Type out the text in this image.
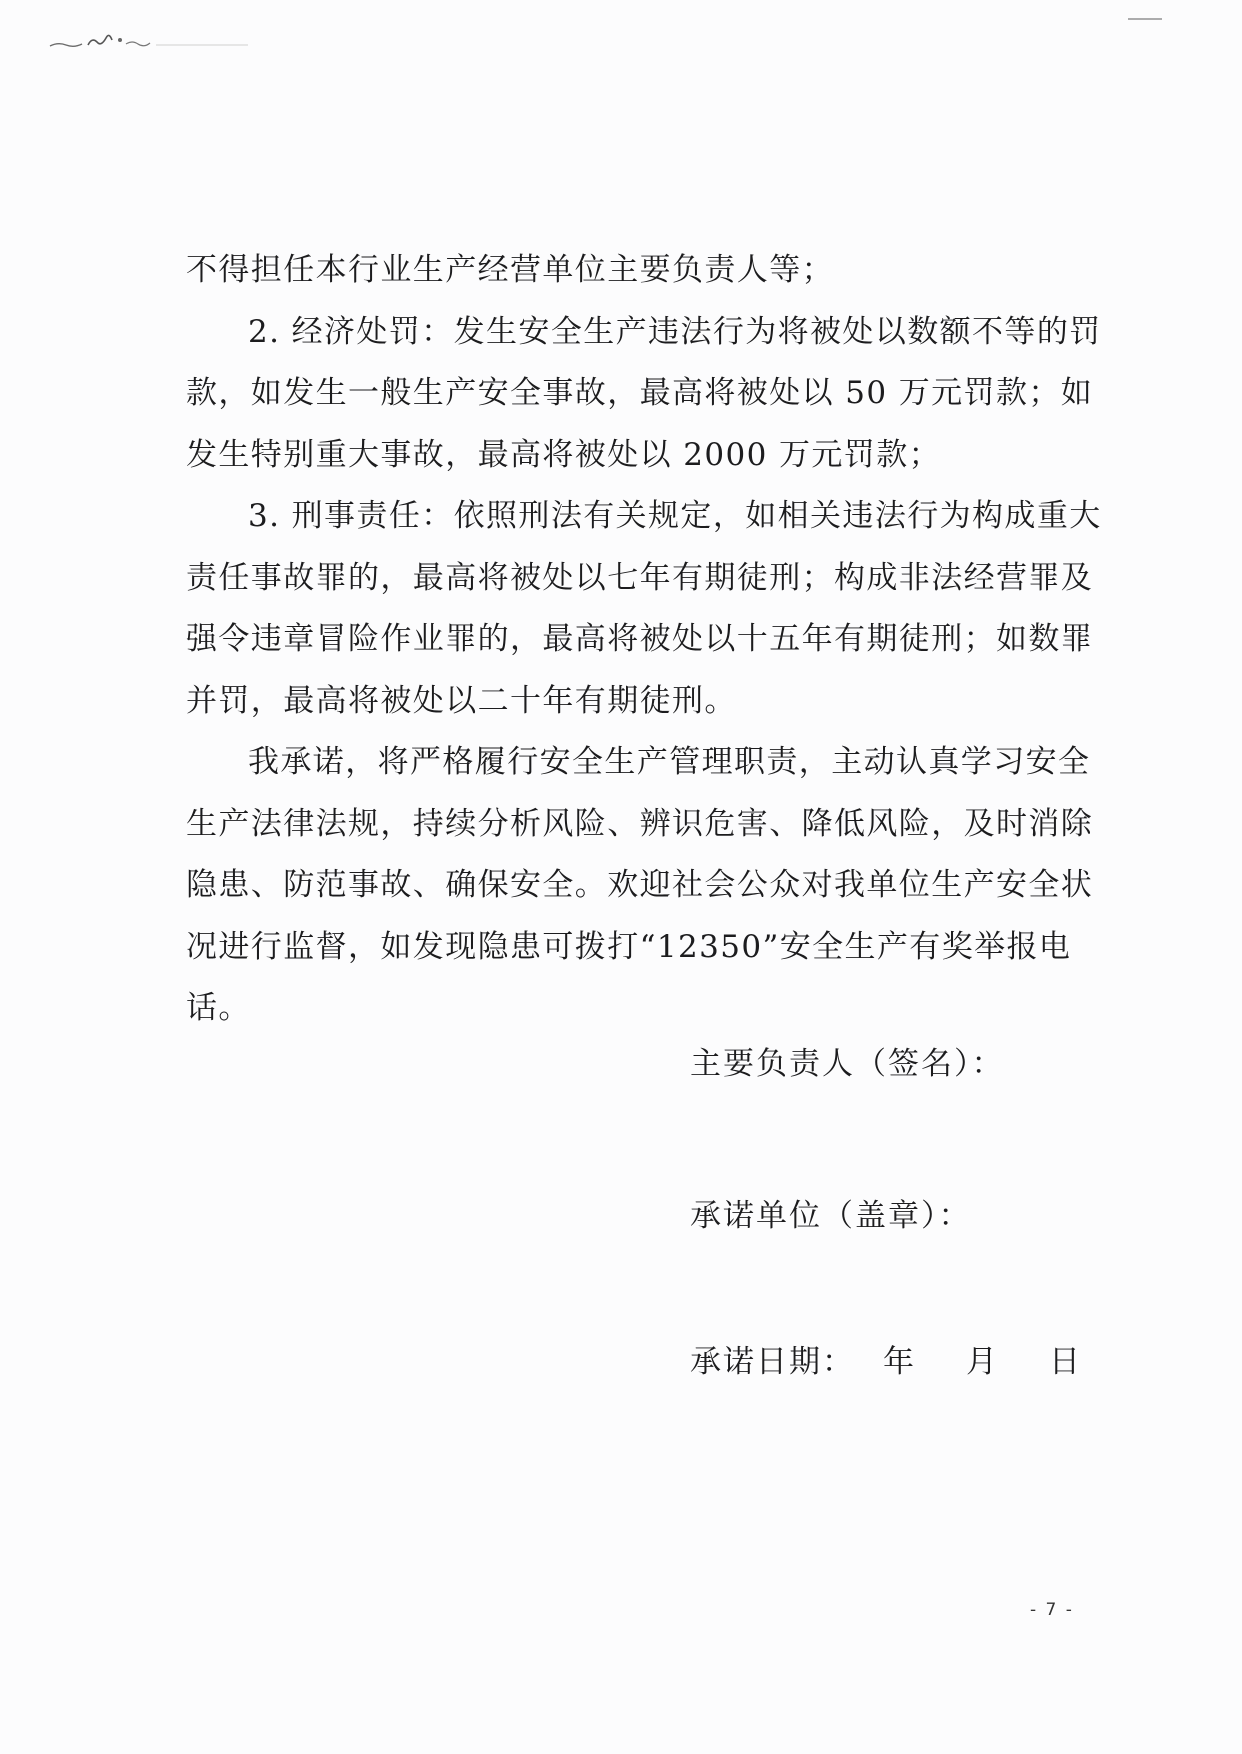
不得担任本行业生产经营单位主要负责人等；
2. 经济处罚：发生安全生产违法行为将被处以数额不等的罚
款，如发生一般生产安全事故，最高将被处以 50 万元罚款；如
发生特别重大事故，最高将被处以 2000 万元罚款；
3. 刑事责任：依照刑法有关规定，如相关违法行为构成重大
责任事故罪的，最高将被处以七年有期徒刑；构成非法经营罪及
强令违章冒险作业罪的，最高将被处以十五年有期徒刑；如数罪
并罚，最高将被处以二十年有期徒刑。
我承诺，将严格履行安全生产管理职责，主动认真学习安全
生产法律法规，持续分析风险、辨识危害、降低风险，及时消除
隐患、防范事故、确保安全。欢迎社会公众对我单位生产安全状
况进行监督，如发现隐患可拨打“12350”安全生产有奖举报电
话。
主要负责人（签名）：
承诺单位（盖章）：
承诺日期： 年 月 日
- 7 -
